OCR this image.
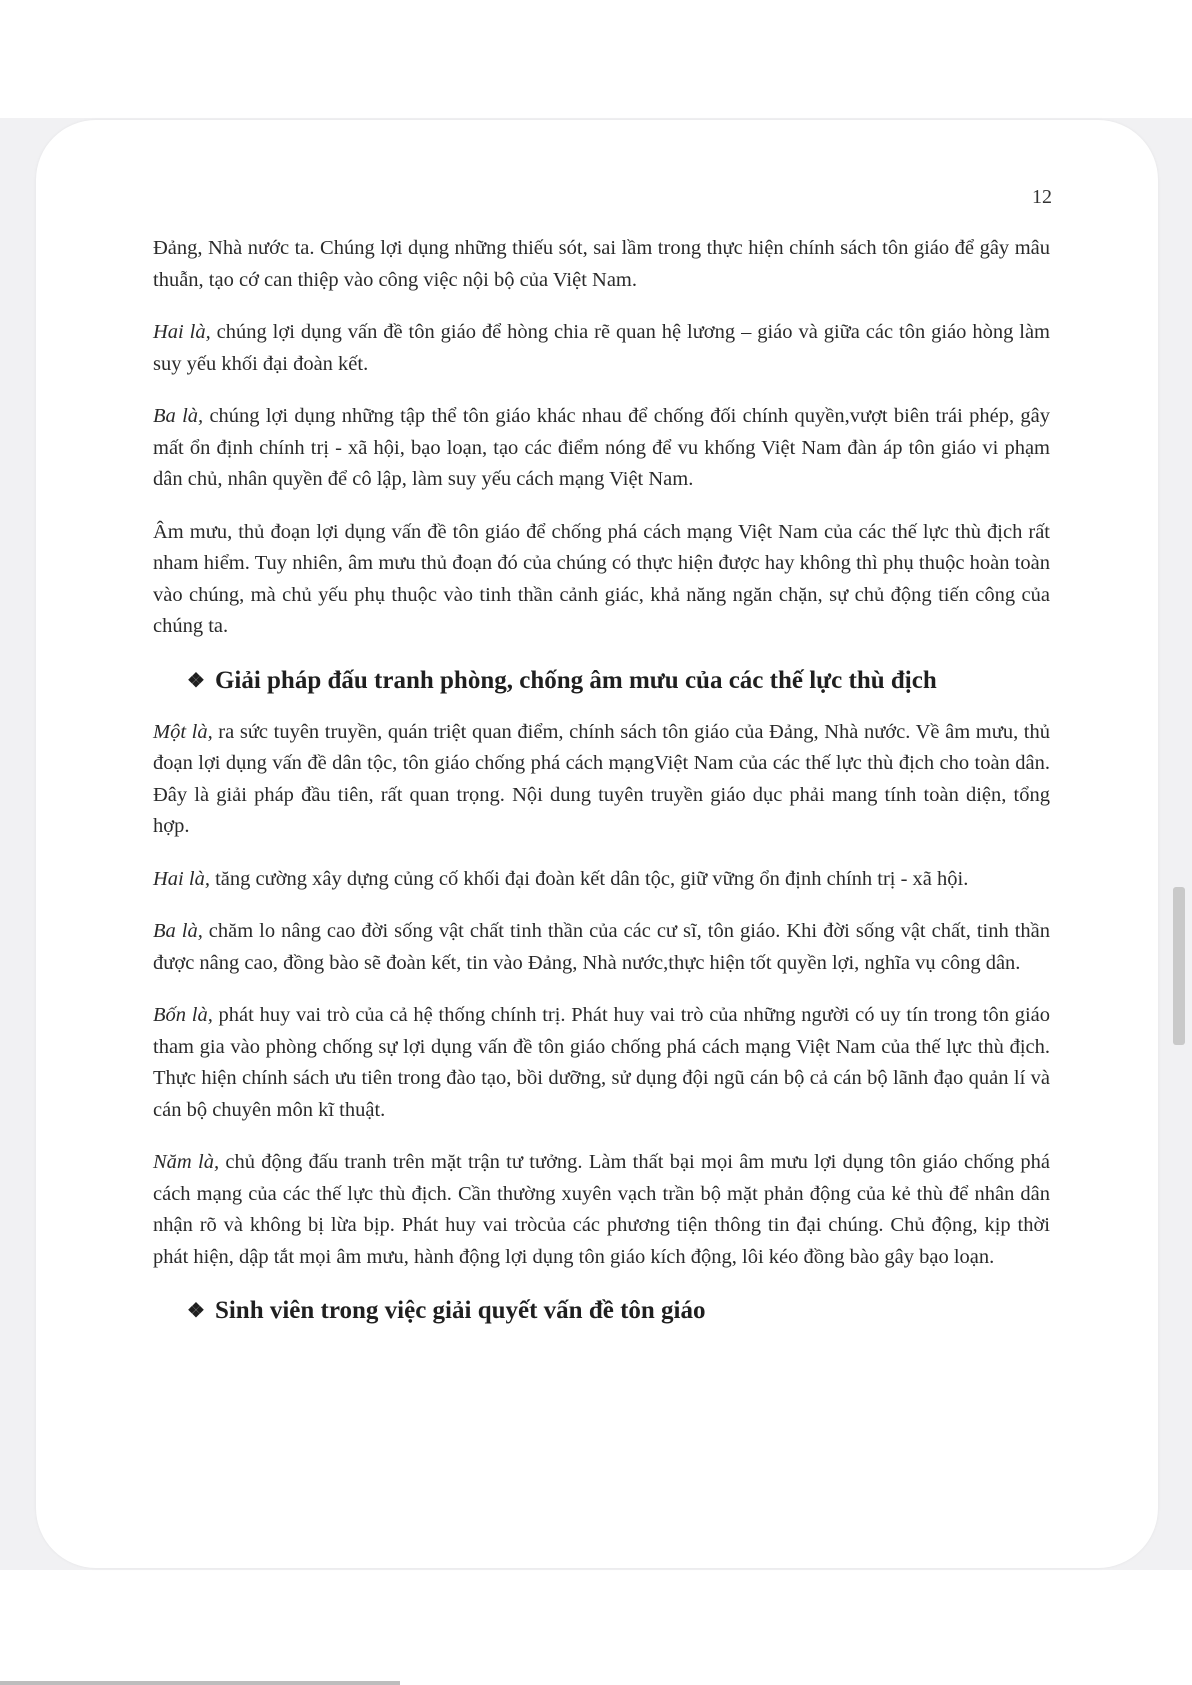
12

Đảng, Nhà nước ta. Chúng lợi dụng những thiếu sót, sai lầm trong thực hiện chính sách tôn giáo để gây mâu thuẫn, tạo cớ can thiệp vào công việc nội bộ của Việt Nam.

Hai là, chúng lợi dụng vấn đề tôn giáo để hòng chia rẽ quan hệ lương – giáo và giữa các tôn giáo hòng làm suy yếu khối đại đoàn kết.

Ba là, chúng lợi dụng những tập thể tôn giáo khác nhau để chống đối chính quyền,vượt biên trái phép, gây mất ổn định chính trị - xã hội, bạo loạn, tạo các điểm nóng để vu khống Việt Nam đàn áp tôn giáo vi phạm dân chủ, nhân quyền để cô lập, làm suy yếu cách mạng Việt Nam.

Âm mưu, thủ đoạn lợi dụng vấn đề tôn giáo để chống phá cách mạng Việt Nam của các thế lực thù địch rất nham hiểm. Tuy nhiên, âm mưu thủ đoạn đó của chúng có thực hiện được hay không thì phụ thuộc hoàn toàn vào chúng, mà chủ yếu phụ thuộc vào tinh thần cảnh giác, khả năng ngăn chặn, sự chủ động tiến công của chúng ta.

❖ Giải pháp đấu tranh phòng, chống âm mưu của các thế lực thù địch

Một là, ra sức tuyên truyền, quán triệt quan điểm, chính sách tôn giáo của Đảng, Nhà nước. Về âm mưu, thủ đoạn lợi dụng vấn đề dân tộc, tôn giáo chống phá cách mạngViệt Nam của các thế lực thù địch cho toàn dân. Đây là giải pháp đầu tiên, rất quan trọng. Nội dung tuyên truyền giáo dục phải mang tính toàn diện, tổng hợp.

Hai là, tăng cường xây dựng củng cố khối đại đoàn kết dân tộc, giữ vững ổn định chính trị - xã hội.

Ba là, chăm lo nâng cao đời sống vật chất tinh thần của các cư sĩ, tôn giáo. Khi đời sống vật chất, tinh thần được nâng cao, đồng bào sẽ đoàn kết, tin vào Đảng, Nhà nước,thực hiện tốt quyền lợi, nghĩa vụ công dân.

Bốn là, phát huy vai trò của cả hệ thống chính trị. Phát huy vai trò của những người có uy tín trong tôn giáo tham gia vào phòng chống sự lợi dụng vấn đề tôn giáo chống phá cách mạng Việt Nam của thế lực thù địch. Thực hiện chính sách ưu tiên trong đào tạo, bồi dưỡng, sử dụng đội ngũ cán bộ cả cán bộ lãnh đạo quản lí và cán bộ chuyên môn kĩ thuật.

Năm là, chủ động đấu tranh trên mặt trận tư tưởng. Làm thất bại mọi âm mưu lợi dụng tôn giáo chống phá cách mạng của các thế lực thù địch. Cần thường xuyên vạch trần bộ mặt phản động của kẻ thù để nhân dân nhận rõ và không bị lừa bịp. Phát huy vai tròcủa các phương tiện thông tin đại chúng. Chủ động, kịp thời phát hiện, dập tắt mọi âm mưu, hành động lợi dụng tôn giáo kích động, lôi kéo đồng bào gây bạo loạn.

❖ Sinh viên trong việc giải quyết vấn đề tôn giáo
